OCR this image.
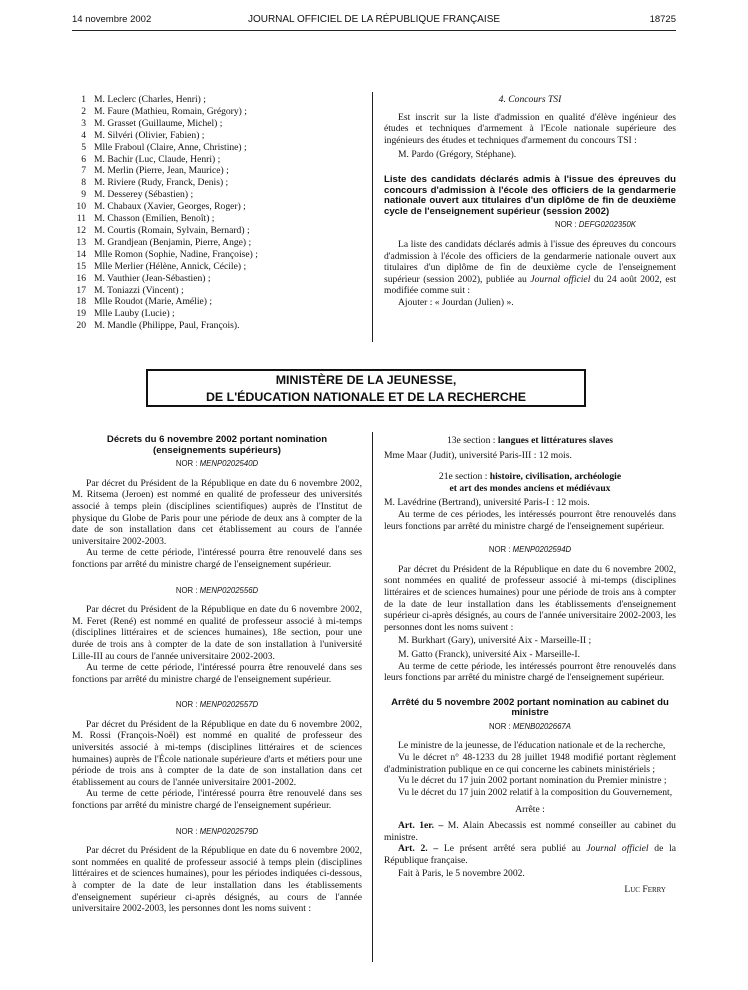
14 novembre 2002	JOURNAL OFFICIEL DE LA RÉPUBLIQUE FRANÇAISE	18725
1 M. Leclerc (Charles, Henri) ;
2 M. Faure (Mathieu, Romain, Grégory) ;
3 M. Grasset (Guillaume, Michel) ;
4 M. Silvéri (Olivier, Fabien) ;
5 Mlle Fraboul (Claire, Anne, Christine) ;
6 M. Bachir (Luc, Claude, Henri) ;
7 M. Merlin (Pierre, Jean, Maurice) ;
8 M. Riviere (Rudy, Franck, Denis) ;
9 M. Desserey (Sébastien) ;
10 M. Chabaux (Xavier, Georges, Roger) ;
11 M. Chasson (Emilien, Benoît) ;
12 M. Courtis (Romain, Sylvain, Bernard) ;
13 M. Grandjean (Benjamin, Pierre, Ange) ;
14 Mlle Romon (Sophie, Nadine, Françoise) ;
15 Mlle Merlier (Hélène, Annick, Cécile) ;
16 M. Vauthier (Jean-Sébastien) ;
17 M. Toniazzi (Vincent) ;
18 Mlle Roudot (Marie, Amélie) ;
19 Mlle Lauby (Lucie) ;
20 M. Mandle (Philippe, Paul, François).
4. Concours TSI

Est inscrit sur la liste d'admission en qualité d'élève ingénieur des études et techniques d'armement à l'Ecole nationale supérieure des ingénieurs des études et techniques d'armement du concours TSI :

M. Pardo (Grégory, Stéphane).

Liste des candidats déclarés admis à l'issue des épreuves du concours d'admission à l'école des officiers de la gendarmerie nationale ouvert aux titulaires d'un diplôme de fin de deuxième cycle de l'enseignement supérieur (session 2002)
NOR : DEFG0202350K

La liste des candidats déclarés admis à l'issue des épreuves du concours d'admission à l'école des officiers de la gendarmerie nationale ouvert aux titulaires d'un diplôme de fin de deuxième cycle de l'enseignement supérieur (session 2002), publiée au Journal officiel du 24 août 2002, est modifiée comme suit :

Ajouter : « Jourdan (Julien) ».

MINISTÈRE DE LA JEUNESSE,
DE L'ÉDUCATION NATIONALE ET DE LA RECHERCHE
Décrets du 6 novembre 2002 portant nomination (enseignements supérieurs)
NOR : MENP0202540D

Par décret du Président de la République en date du 6 novembre 2002, M. Ritsema (Jeroen) est nommé en qualité de professeur des universités associé à temps plein (disciplines scientifiques) auprès de l'Institut de physique du Globe de Paris pour une période de deux ans à compter de la date de son installation dans cet établissement au cours de l'année universitaire 2002-2003.

Au terme de cette période, l'intéressé pourra être renouvelé dans ses fonctions par arrêté du ministre chargé de l'enseignement supérieur.

NOR : MENP0202556D

Par décret du Président de la République en date du 6 novembre 2002, M. Feret (René) est nommé en qualité de professeur associé à mi-temps (disciplines littéraires et de sciences humaines), 18e section, pour une durée de trois ans à compter de la date de son installation à l'université Lille-III au cours de l'année universitaire 2002-2003.

Au terme de cette période, l'intéressé pourra être renouvelé dans ses fonctions par arrêté du ministre chargé de l'enseignement supérieur.

NOR : MENP0202557D

Par décret du Président de la République en date du 6 novembre 2002, M. Rossi (François-Noël) est nommé en qualité de professeur des universités associé à mi-temps (disciplines littéraires et de sciences humaines) auprès de l'École nationale supérieure d'arts et métiers pour une période de trois ans à compter de la date de son installation dans cet établissement au cours de l'année universitaire 2001-2002.

Au terme de cette période, l'intéressé pourra être renouvelé dans ses fonctions par arrêté du ministre chargé de l'enseignement supérieur.

NOR : MENP0202579D

Par décret du Président de la République en date du 6 novembre 2002, sont nommées en qualité de professeur associé à temps plein (disciplines littéraires et de sciences humaines), pour les périodes indiquées ci-dessous, à compter de la date de leur installation dans les établissements d'enseignement supérieur ci-après désignés, au cours de l'année universitaire 2002-2003, les personnes dont les noms suivent :

13e section : langues et littératures slaves

Mme Maar (Judit), université Paris-III : 12 mois.

21e section : histoire, civilisation, archéologie
et art des mondes anciens et médiévaux

M. Lavédrine (Bertrand), université Paris-I : 12 mois.

Au terme de ces périodes, les intéressés pourront être renouvelés dans leurs fonctions par arrêté du ministre chargé de l'enseignement supérieur.

NOR : MENP0202594D

Par décret du Président de la République en date du 6 novembre 2002, sont nommées en qualité de professeur associé à mi-temps (disciplines littéraires et de sciences humaines) pour une période de trois ans à compter de la date de leur installation dans les établissements d'enseignement supérieur ci-après désignés, au cours de l'année universitaire 2002-2003, les personnes dont les noms suivent :

M. Burkhart (Gary), université Aix - Marseille-II ;

M. Gatto (Franck), université Aix - Marseille-I.

Au terme de cette période, les intéressés pourront être renouvelés dans leurs fonctions par arrêté du ministre chargé de l'enseignement supérieur.

Arrêté du 5 novembre 2002 portant nomination au cabinet du ministre
NOR : MENB0202667A

Le ministre de la jeunesse, de l'éducation nationale et de la recherche,

Vu le décret n° 48-1233 du 28 juillet 1948 modifié portant règlement d'administration publique en ce qui concerne les cabinets ministériels ;

Vu le décret du 17 juin 2002 portant nomination du Premier ministre ;

Vu le décret du 17 juin 2002 relatif à la composition du Gouvernement,

Arrête :

Art. 1er. – M. Alain Abecassis est nommé conseiller au cabinet du ministre.

Art. 2. – Le présent arrêté sera publié au Journal officiel de la République française.

Fait à Paris, le 5 novembre 2002.

Luc Ferry
